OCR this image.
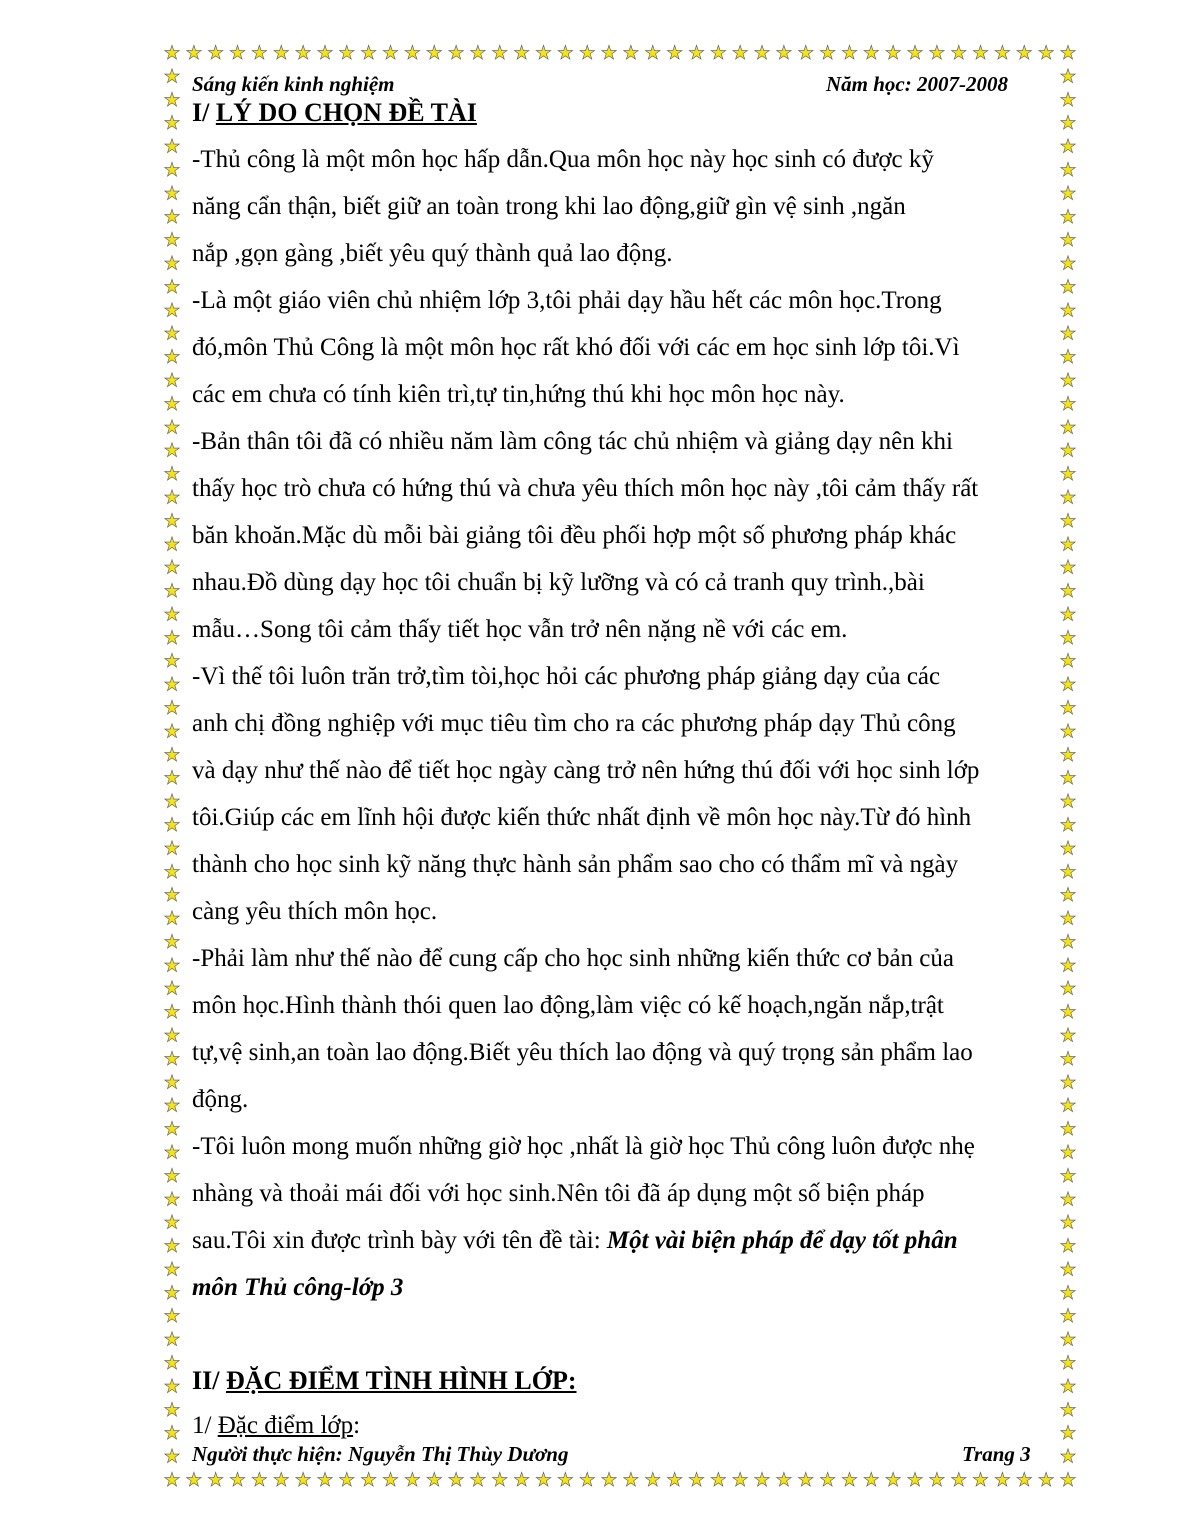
★
★
★
★
★
★
★
★
★
★
★
★
★
★
★
★
★
★
★
★
★
★
★
★
★
★
★
★
★
★
★
★
★
★
★
★
★
★
★
★
★
★
★
★
★
★
★
★
★
★
★
★
★
★
★
★
★
★
★
★
★
★
★
★
★
★
★
★
★
★
★
★
★
★
★
★
★
★
★
★
★
★
★
★
★	★
★	★
★	★
★	★
★	★
★	★
★	★
★	★
★	★
★	★
★	★
★	★
★	★
★	★
★	★
★	★
★	★
★	★
★	★
★	★
★	★
★	★
★	★
★	★
★	★
★	★
★	★
★	★
★	★
★	★
★	★
★	★
★	★
★	★
★	★
★	★
★	★
★	★
★	★
★	★
★	★
★	★
★	★
★	★
★	★
★	★
★	★
★	★
★	★
★	★
★	★
★	★
★	★
★	★
★	★
★	★
★	★
★	★
★	★
★	★
Sáng kiến kinh nghiệm	Năm học: 2007-2008
I/ LÝ DO CHỌN ĐỀ TÀI
-Thủ công là một môn học hấp dẫn.Qua môn học này học sinh có được kỹ
năng cẩn thận, biết giữ an toàn trong khi lao động,giữ gìn vệ sinh ,ngăn
nắp ,gọn gàng ,biết yêu quý thành quả lao động.
-Là một giáo viên chủ nhiệm lớp 3,tôi phải dạy hầu hết các môn học.Trong
đó,môn Thủ Công là một môn học rất khó đối với các em học sinh lớp tôi.Vì
các em chưa có tính kiên trì,tự tin,hứng thú khi học môn học này.
-Bản thân tôi đã có nhiều năm làm công tác chủ nhiệm và giảng dạy nên khi
thấy học trò chưa có hứng thú và chưa yêu thích môn học này ,tôi cảm thấy rất
băn khoăn.Mặc dù mỗi bài giảng tôi đều phối hợp một số phương pháp khác
nhau.Đồ dùng dạy học tôi chuẩn bị kỹ lưỡng và có cả tranh quy trình.,bài
mẫu…Song tôi cảm thấy tiết học vẫn trở nên nặng nề với các em.
-Vì thế tôi luôn trăn trở,tìm tòi,học hỏi các phương pháp giảng dạy của các
anh chị đồng nghiệp với mục tiêu tìm cho ra các phương pháp dạy Thủ công
và dạy như thế nào để tiết học ngày càng trở nên hứng thú đối với học sinh lớp
tôi.Giúp các em lĩnh hội được kiến thức nhất định về môn học này.Từ đó hình
thành cho học sinh kỹ năng thực hành sản phẩm sao cho có thẩm mĩ và ngày
càng yêu thích môn học.
-Phải làm như thế nào để cung cấp cho học sinh những kiến thức cơ bản của
môn học.Hình thành thói quen lao động,làm việc có kế hoạch,ngăn nắp,trật
tự,vệ sinh,an toàn lao động.Biết yêu thích lao động và quý trọng sản phẩm lao
động.
-Tôi luôn mong muốn những giờ học ,nhất là giờ học Thủ công luôn được nhẹ
nhàng và thoải mái đối với học sinh.Nên tôi đã áp dụng một số biện pháp
sau.Tôi xin được trình bày với tên đề tài: Một vài biện pháp để dạy tốt phân
môn Thủ công-lớp 3
II/ ĐẶC ĐIỂM TÌNH HÌNH LỚP:
1/ Đặc điểm lớp:
Người thực hiện: Nguyễn Thị Thùy Dương	Trang 3
